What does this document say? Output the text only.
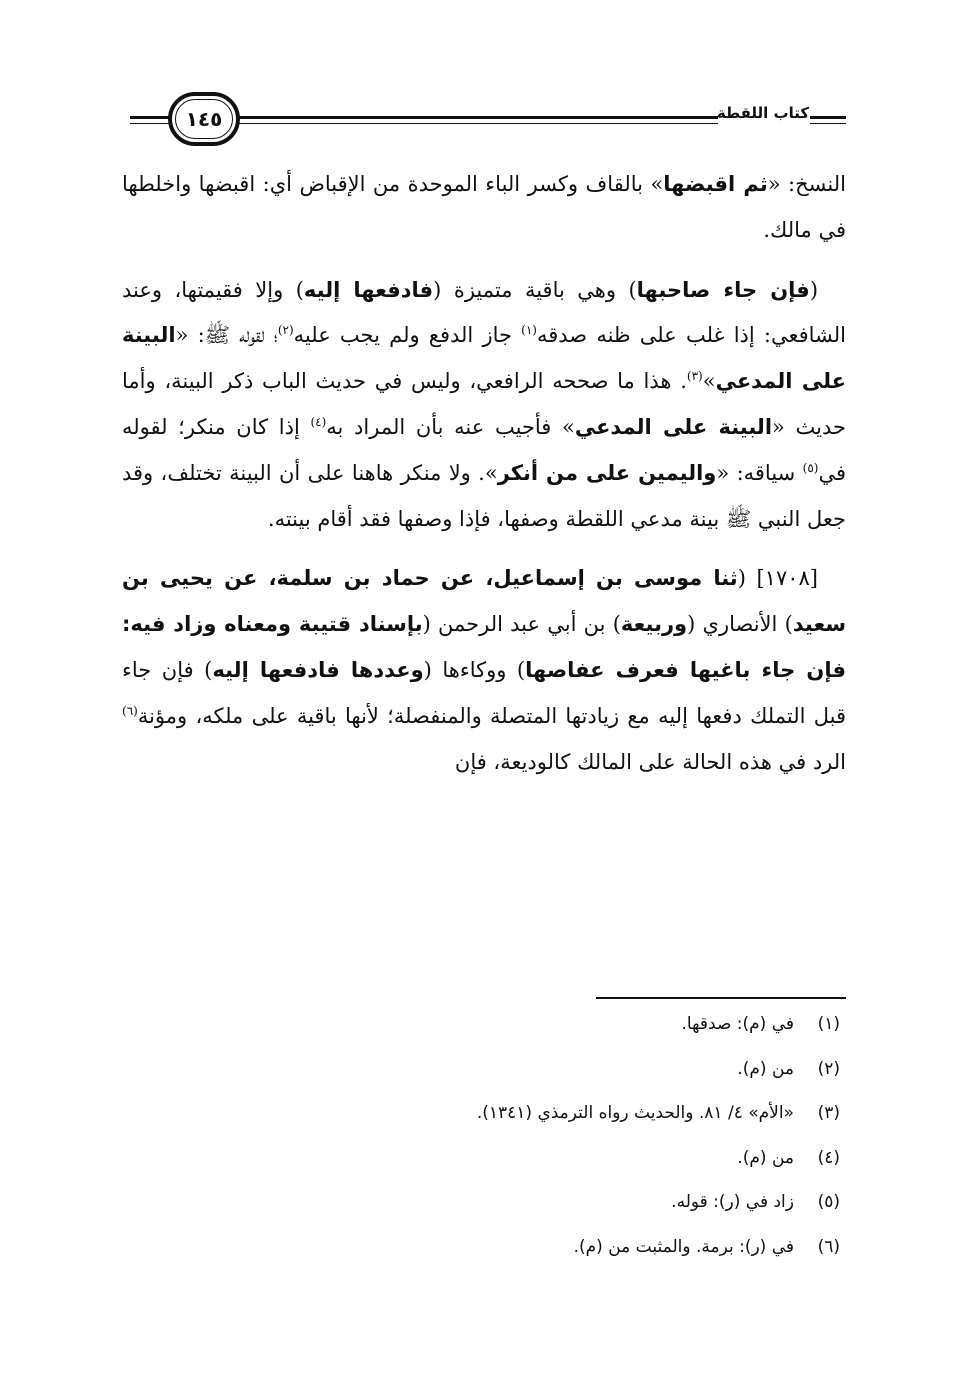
١٤٥	كتاب اللقطة

النسخ: «ثم اقبضها» بالقاف وكسر الباء الموحدة من الإقباض أي: اقبضها واخلطها في مالك.

(فإن جاء صاحبها) وهي باقية متميزة (فادفعها إليه) وإلا فقيمتها، وعند الشافعي: إذا غلب على ظنه صدقه$^{(١)}$ جاز الدفع ولم يجب عليه$^{(٢)}$؛ لقوله ﷺ: «البينة على المدعي»$^{(٣)}$. هذا ما صححه الرافعي، وليس في حديث الباب ذكر البينة، وأما حديث «البينة على المدعي» فأجيب عنه بأن المراد به$^{(٤)}$ إذا كان منكر؛ لقوله في$^{(٥)}$ سياقه: «واليمين على من أنكر». ولا منكر هاهنا على أن البينة تختلف، وقد جعل النبي ﷺ بينة مدعي اللقطة وصفها، فإذا وصفها فقد أقام بينته.

[١٧٠٨] (ثنا موسى بن إسماعيل، عن حماد بن سلمة، عن يحيى بن سعيد) الأنصاري (وربيعة) بن أبي عبد الرحمن (بإسناد قتيبة ومعناه وزاد فيه: فإن جاء باغيها فعرف عفاصها) ووكاءها (وعددها فادفعها إليه) فإن جاء قبل التملك دفعها إليه مع زيادتها المتصلة والمنفصلة؛ لأنها باقية على ملكه، ومؤنة$^{(٦)}$ الرد في هذه الحالة على المالك كالوديعة، فإن

(١)في (م): صدقها.
(٢)من (م).
(٣)«الأم» ٤/ ٨١. والحديث رواه الترمذي (١٣٤١).
(٤)من (م).
(٥)زاد في (ر): قوله.
(٦)في (ر): برمة. والمثبت من (م).
